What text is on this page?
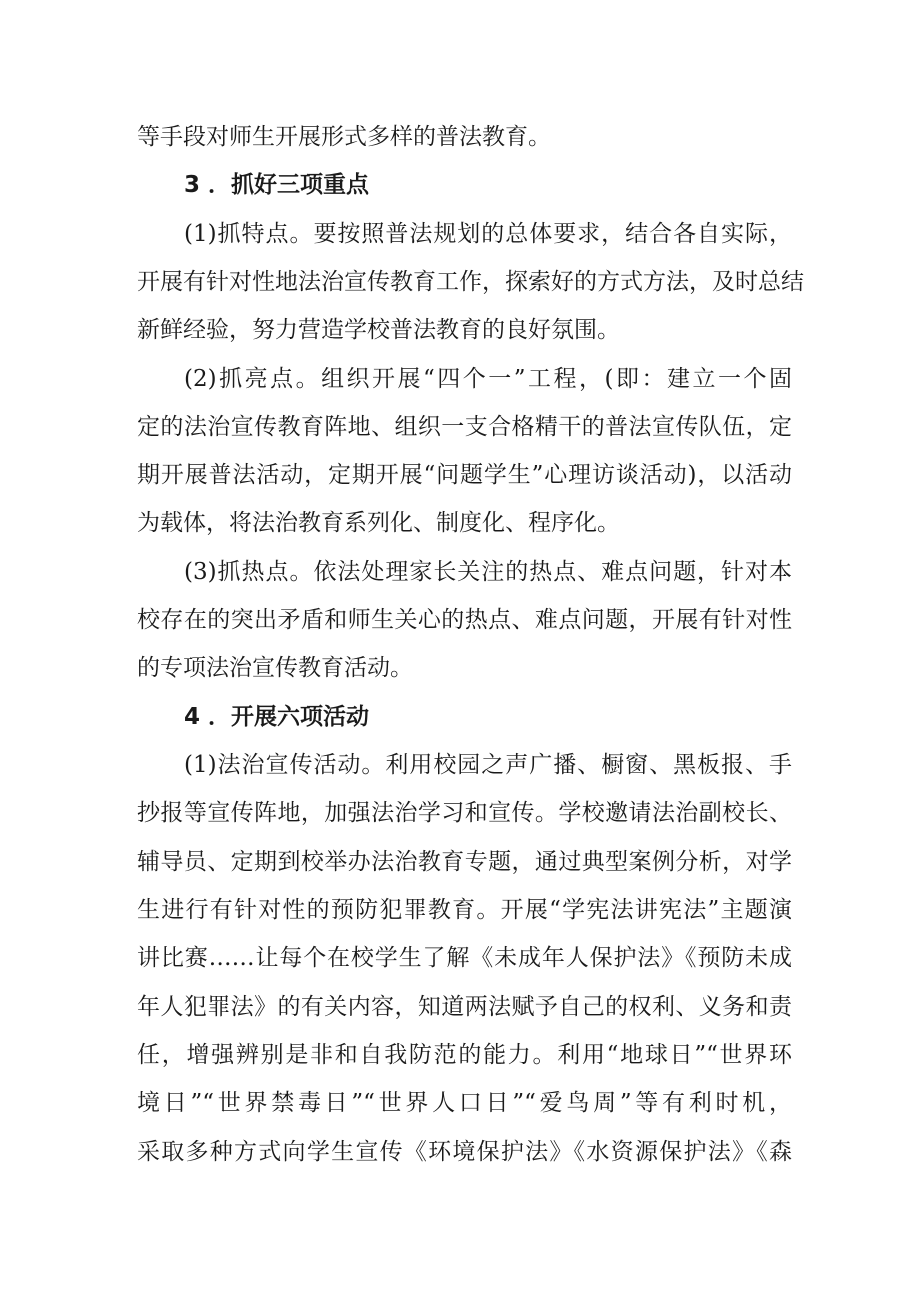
等手段对师生开展形式多样的普法教育。
3 ．抓好三项重点
(1)抓特点。要按照普法规划的总体要求，结合各自实际，
开展有针对性地法治宣传教育工作，探索好的方式方法，及时总结
新鲜经验，努力营造学校普法教育的良好氛围。
(2)抓亮点。组织开展“四个一”工程，(即：建立一个固
定的法治宣传教育阵地、组织一支合格精干的普法宣传队伍，定
期开展普法活动，定期开展“问题学生”心理访谈活动)，以活动
为载体，将法治教育系列化、制度化、程序化。
(3)抓热点。依法处理家长关注的热点、难点问题，针对本
校存在的突出矛盾和师生关心的热点、难点问题，开展有针对性
的专项法治宣传教育活动。
4 ．开展六项活动
(1)法治宣传活动。利用校园之声广播、橱窗、黑板报、手
抄报等宣传阵地，加强法治学习和宣传。学校邀请法治副校长、
辅导员、定期到校举办法治教育专题，通过典型案例分析，对学
生进行有针对性的预防犯罪教育。开展“学宪法讲宪法”主题演
讲比赛……让每个在校学生了解《未成年人保护法》《预防未成
年人犯罪法》的有关内容，知道两法赋予自己的权利、义务和责
任，增强辨别是非和自我防范的能力。利用“地球日”“世界环
境日”“世界禁毒日”“世界人口日”“爱鸟周”等有利时机，
采取多种方式向学生宣传《环境保护法》《水资源保护法》《森
